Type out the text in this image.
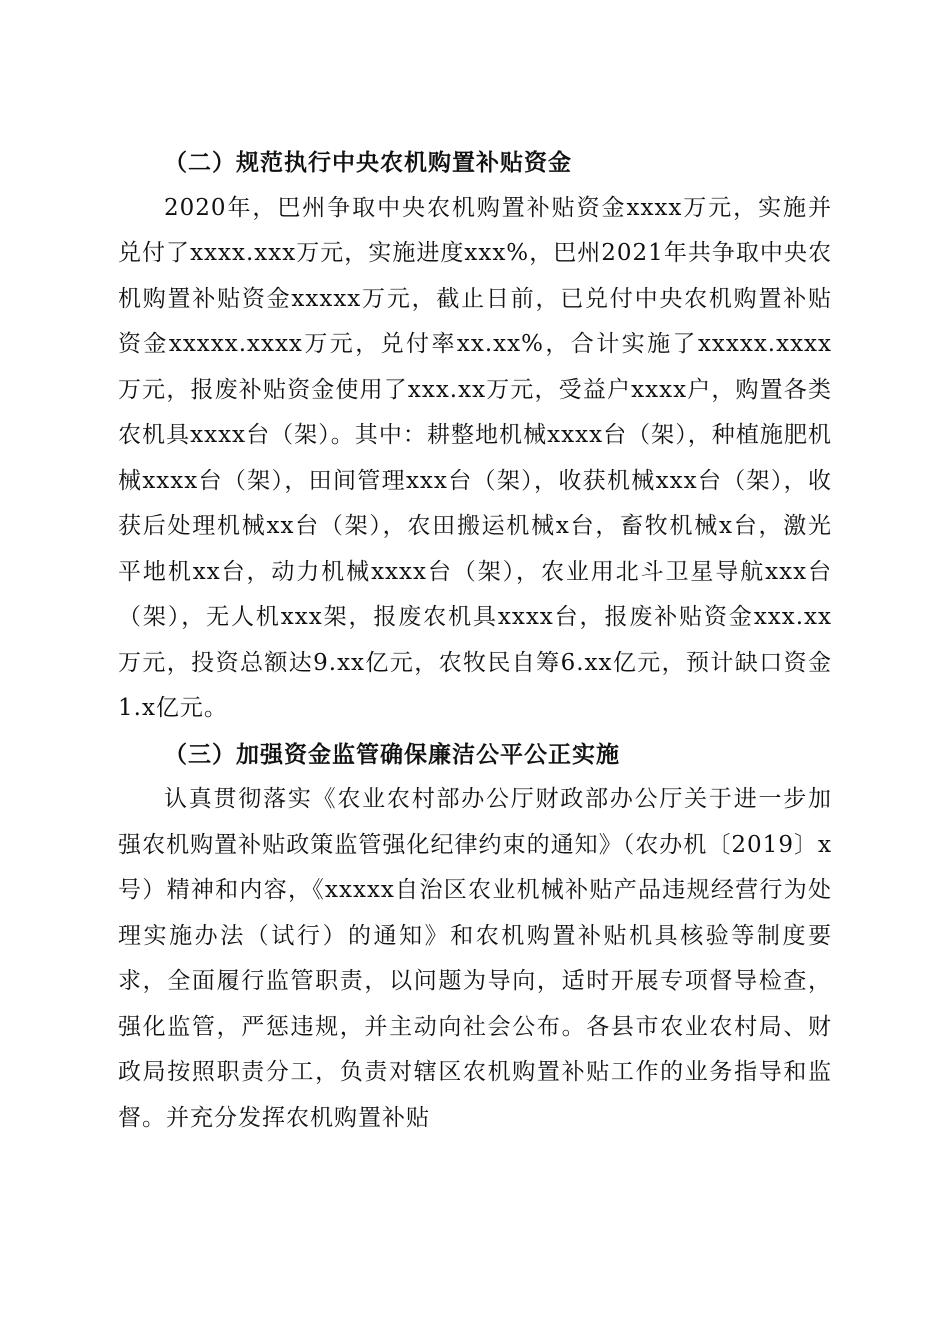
（二）规范执行中央农机购置补贴资金

2020年，巴州争取中央农机购置补贴资金xxxx万元，实施并兑付了xxxx.xxx万元，实施进度xxx%，巴州2021年共争取中央农机购置补贴资金xxxxx万元，截止日前，已兑付中央农机购置补贴资金xxxxx.xxxx万元，兑付率xx.xx%，合计实施了xxxxx.xxxx万元，报废补贴资金使用了xxx.xx万元，受益户xxxx户，购置各类农机具xxxx台（架）。其中：耕整地机械xxxx台（架），种植施肥机械xxxx台（架），田间管理xxx台（架），收获机械xxx台（架），收获后处理机械xx台（架），农田搬运机械x台，畜牧机械x台，激光平地机xx台，动力机械xxxx台（架），农业用北斗卫星导航xxx台（架），无人机xxx架，报废农机具xxxx台，报废补贴资金xxx.xx万元，投资总额达9.xx亿元，农牧民自筹6.xx亿元，预计缺口资金1.x亿元。

（三）加强资金监管确保廉洁公平公正实施

认真贯彻落实《农业农村部办公厅财政部办公厅关于进一步加强农机购置补贴政策监管强化纪律约束的通知》（农办机〔2019〕x号）精神和内容，《xxxxx自治区农业机械补贴产品违规经营行为处理实施办法（试行）的通知》和农机购置补贴机具核验等制度要求，全面履行监管职责，以问题为导向，适时开展专项督导检查，强化监管，严惩违规，并主动向社会公布。各县市农业农村局、财政局按照职责分工，负责对辖区农机购置补贴工作的业务指导和监督。并充分发挥农机购置补贴
